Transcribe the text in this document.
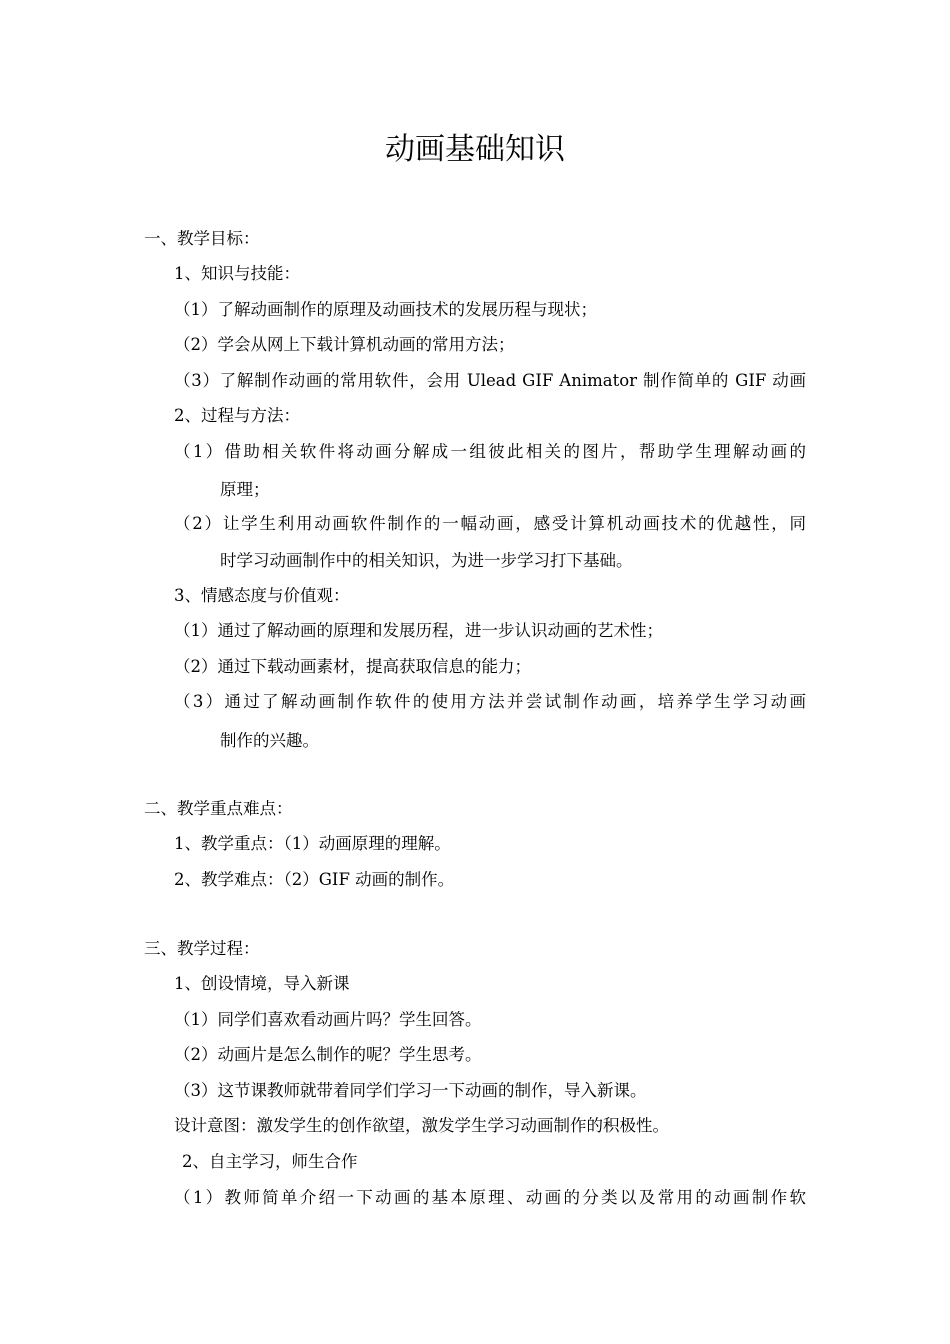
动画基础知识
一、教学目标：
1、知识与技能：
（1）了解动画制作的原理及动画技术的发展历程与现状；
（2）学会从网上下载计算机动画的常用方法；
（3）了解制作动画的常用软件，会用 Ulead GIF Animator 制作简单的 GIF 动画
2、过程与方法：
（1）借助相关软件将动画分解成一组彼此相关的图片，帮助学生理解动画的
原理；
（2）让学生利用动画软件制作的一幅动画，感受计算机动画技术的优越性，同
时学习动画制作中的相关知识，为进一步学习打下基础。
3、情感态度与价值观：
（1）通过了解动画的原理和发展历程，进一步认识动画的艺术性；
（2）通过下载动画素材，提高获取信息的能力；
（3）通过了解动画制作软件的使用方法并尝试制作动画，培养学生学习动画
制作的兴趣。
二、教学重点难点：
1、教学重点：（1）动画原理的理解。
2、教学难点：（2）GIF 动画的制作。
三、教学过程：
1、创设情境，导入新课
（1）同学们喜欢看动画片吗？学生回答。
（2）动画片是怎么制作的呢？学生思考。
（3）这节课教师就带着同学们学习一下动画的制作，导入新课。
设计意图：激发学生的创作欲望，激发学生学习动画制作的积极性。
2、自主学习，师生合作
（1）教师简单介绍一下动画的基本原理、动画的分类以及常用的动画制作软
